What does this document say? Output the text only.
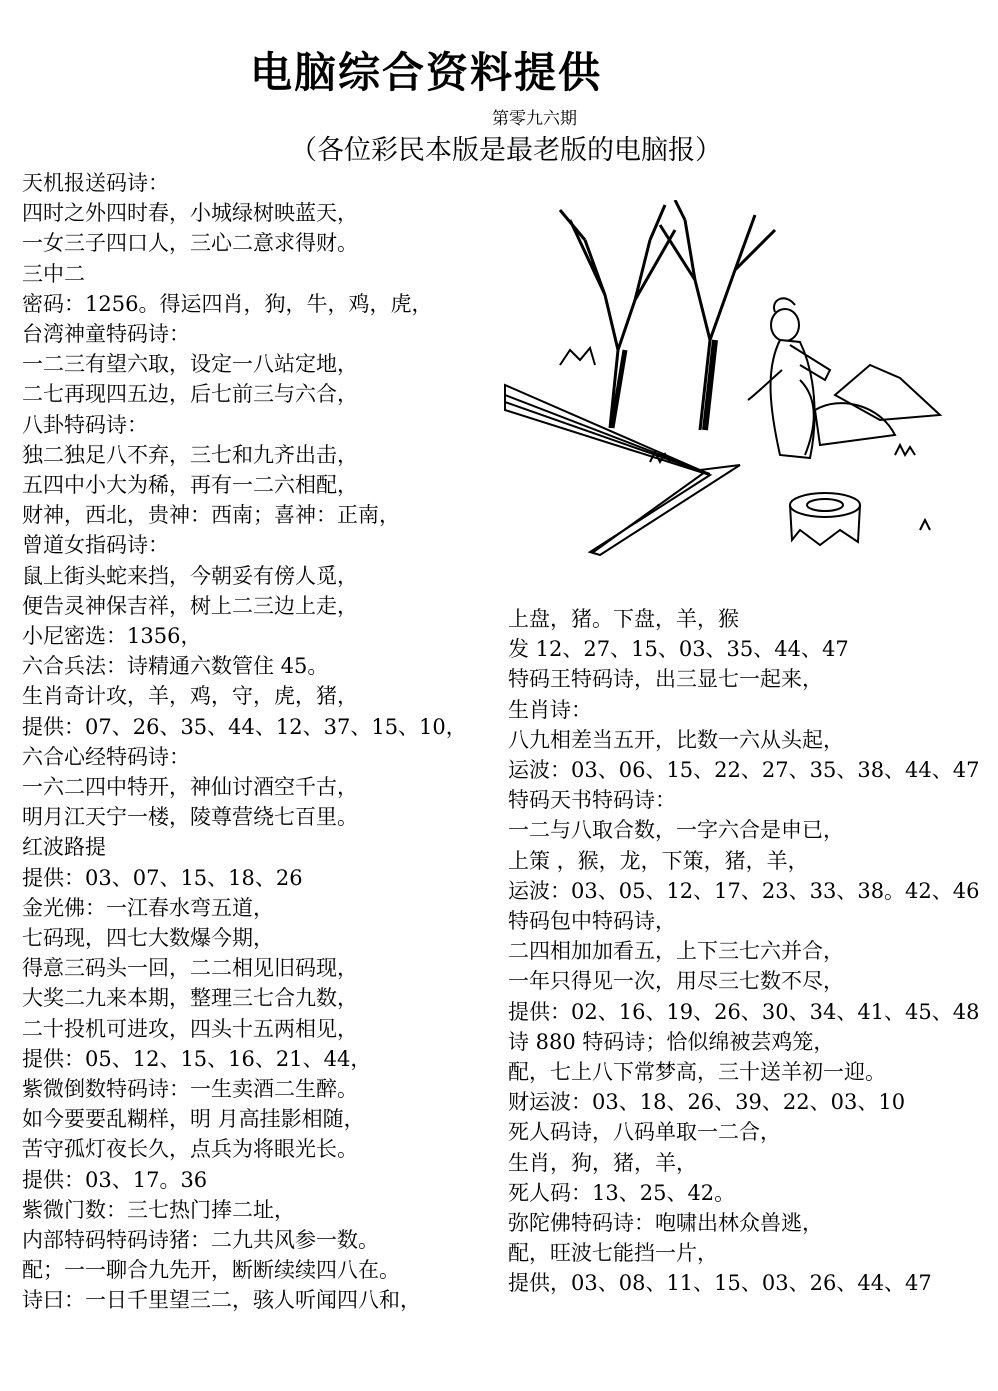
电脑综合资料提供
第零九六期
（各位彩民本版是最老版的电脑报）
天机报送码诗：
四时之外四时春，小城绿树映蓝天，
一女三子四口人，三心二意求得财。
三中二
密码：1256。得运四肖，狗，牛，鸡，虎，
台湾神童特码诗：
一二三有望六取，设定一八站定地，
二七再现四五边，后七前三与六合，
八卦特码诗：
独二独足八不弃，三七和九齐出击，
五四中小大为稀，再有一二六相配，
财神，西北，贵神：西南；喜神：正南，
曾道女指码诗：
鼠上街头蛇来挡，今朝妥有傍人觅，
便告灵神保吉祥，树上二三边上走，
小尼密选：1356，
六合兵法：诗精通六数管住 45。
生肖奇计攻，羊，鸡，守，虎，猪，
提供：07、26、35、44、12、37、15、10，
六合心经特码诗：
一六二四中特开，神仙讨酒空千古，
明月江天宁一楼，陵尊营绕七百里。
红波路提
提供：03、07、15、18、26
金光佛：一江春水弯五道，
七码现，四七大数爆今期，
得意三码头一回，二二相见旧码现，
大奖二九来本期，整理三七合九数，
二十投机可进攻，四头十五两相见，
提供：05、12、15、16、21、44，
紫微倒数特码诗：一生卖酒二生醉。
如今要要乱糊样，明 月高挂影相随，
苦守孤灯夜长久，点兵为将眼光长。
提供：03、17。36
紫微门数：三七热门捧二址，
内部特码特码诗猪：二九共风参一数。
配；一一聊合九先开，断断续续四八在。
诗曰：一日千里望三二，骇人听闻四八和，
上盘，猪。下盘，羊，猴
发 12、27、15、03、35、44、47
特码王特码诗，出三显七一起来，
生肖诗：
八九相差当五开，比数一六从头起，
运波：03、06、15、22、27、35、38、44、47
特码天书特码诗：
一二与八取合数，一字六合是申已，
上策 ，猴，龙，下策，猪，羊，
运波：03、05、12、17、23、33、38。42、46
特码包中特码诗，
二四相加加看五，上下三七六并合，
一年只得见一次，用尽三七数不尽，
提供：02、16、19、26、30、34、41、45、48
诗 880 特码诗；恰似绵被芸鸡笼，
配，七上八下常梦高，三十送羊初一迎。
财运波：03、18、26、39、22、03、10
死人码诗，八码单取一二合，
生肖，狗，猪，羊，
死人码：13、25、42。
弥陀佛特码诗：咆啸出林众兽逃，
配，旺波七能挡一片，
提供，03、08、11、15、03、26、44、47
